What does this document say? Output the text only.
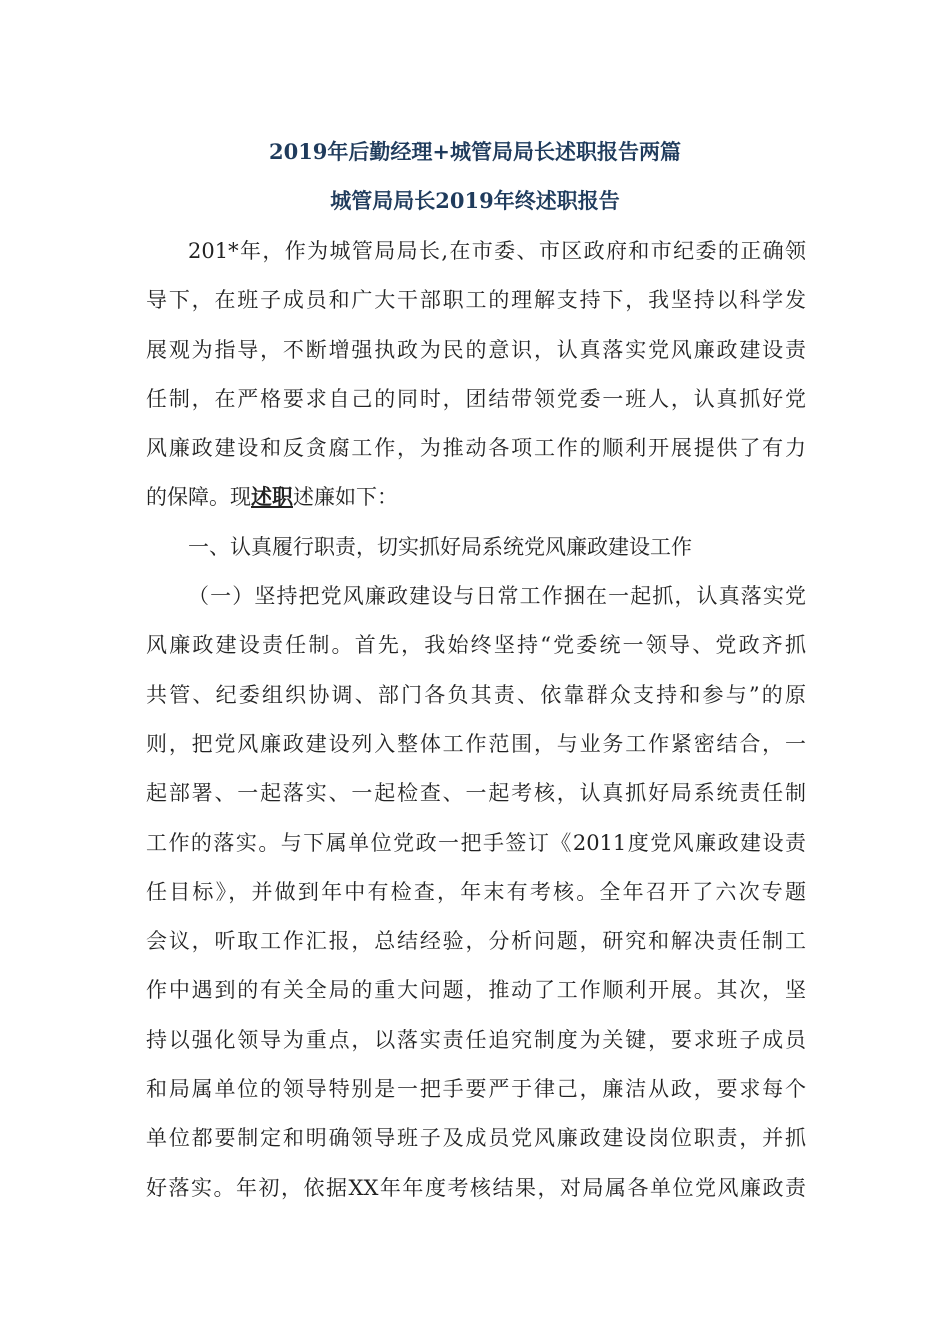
2019年后勤经理+城管局局长述职报告两篇
城管局局长2019年终述职报告
201*年，作为城管局局长,在市委、市区政府和市纪委的正确领
导下，在班子成员和广大干部职工的理解支持下，我坚持以科学发
展观为指导，不断增强执政为民的意识，认真落实党风廉政建设责
任制，在严格要求自己的同时，团结带领党委一班人，认真抓好党
风廉政建设和反贪腐工作，为推动各项工作的顺利开展提供了有力
的保障。现述职述廉如下：
一、认真履行职责，切实抓好局系统党风廉政建设工作
（一）坚持把党风廉政建设与日常工作捆在一起抓，认真落实党
风廉政建设责任制。首先，我始终坚持“党委统一领导、党政齐抓
共管、纪委组织协调、部门各负其责、依靠群众支持和参与”的原
则，把党风廉政建设列入整体工作范围，与业务工作紧密结合，一
起部署、一起落实、一起检查、一起考核，认真抓好局系统责任制
工作的落实。与下属单位党政一把手签订《2011度党风廉政建设责
任目标》，并做到年中有检查，年末有考核。全年召开了六次专题
会议，听取工作汇报，总结经验，分析问题，研究和解决责任制工
作中遇到的有关全局的重大问题，推动了工作顺利开展。其次，坚
持以强化领导为重点，以落实责任追究制度为关键，要求班子成员
和局属单位的领导特别是一把手要严于律己，廉洁从政，要求每个
单位都要制定和明确领导班子及成员党风廉政建设岗位职责，并抓
好落实。年初，依据XX年年度考核结果，对局属各单位党风廉政责
